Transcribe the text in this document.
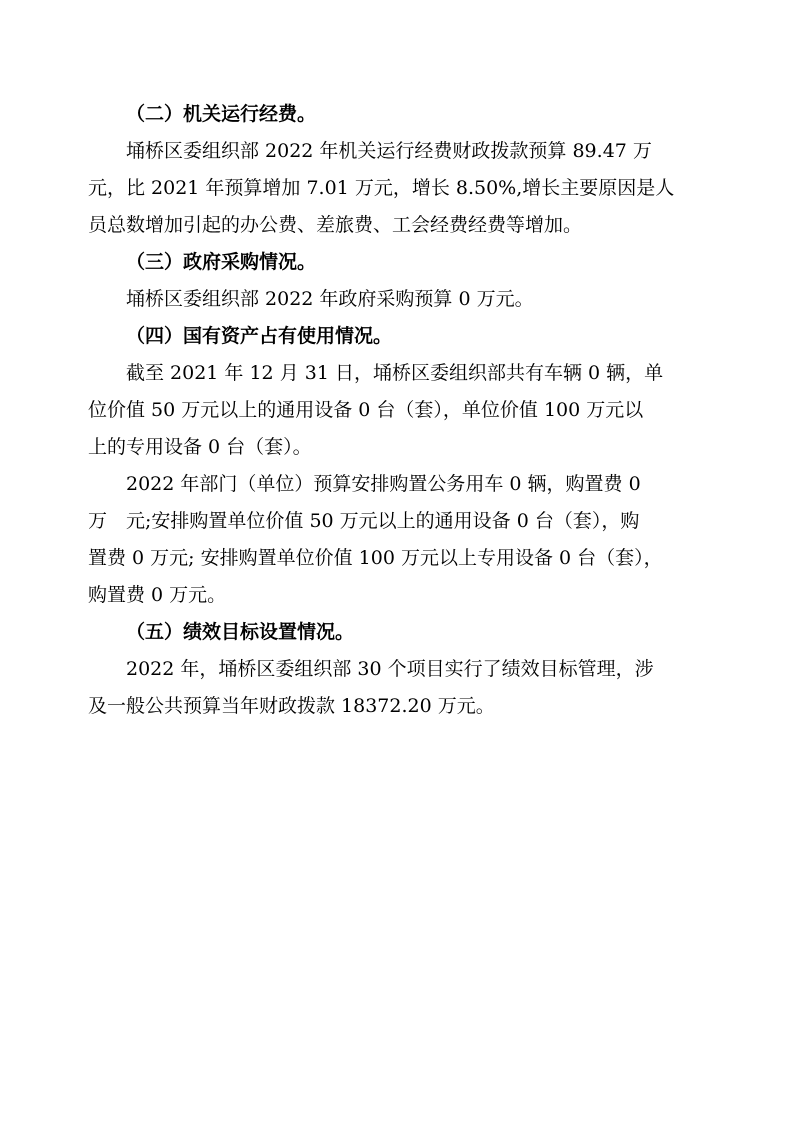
（二）机关运行经费。

埇桥区委组织部 2022 年机关运行经费财政拨款预算 89.47 万
元，比 2021 年预算增加 7.01 万元，增长 8.50%,增长主要原因是人
员总数增加引起的办公费、差旅费、工会经费经费等增加。

（三）政府采购情况。

埇桥区委组织部 2022 年政府采购预算 0 万元。

（四）国有资产占有使用情况。

截至 2021 年 12 月 31 日，埇桥区委组织部共有车辆 0 辆，单
位价值 50 万元以上的通用设备 0 台（套），单位价值 100 万元以
上的专用设备 0 台（套）。
2022 年部门（单位）预算安排购置公务用车 0 辆，购置费 0
万　元;安排购置单位价值 50 万元以上的通用设备 0 台（套），购
置费 0 万元; 安排购置单位价值 100 万元以上专用设备 0 台（套），
购置费 0 万元。

（五）绩效目标设置情况。

2022 年，埇桥区委组织部 30 个项目实行了绩效目标管理，涉
及一般公共预算当年财政拨款 18372.20 万元。
